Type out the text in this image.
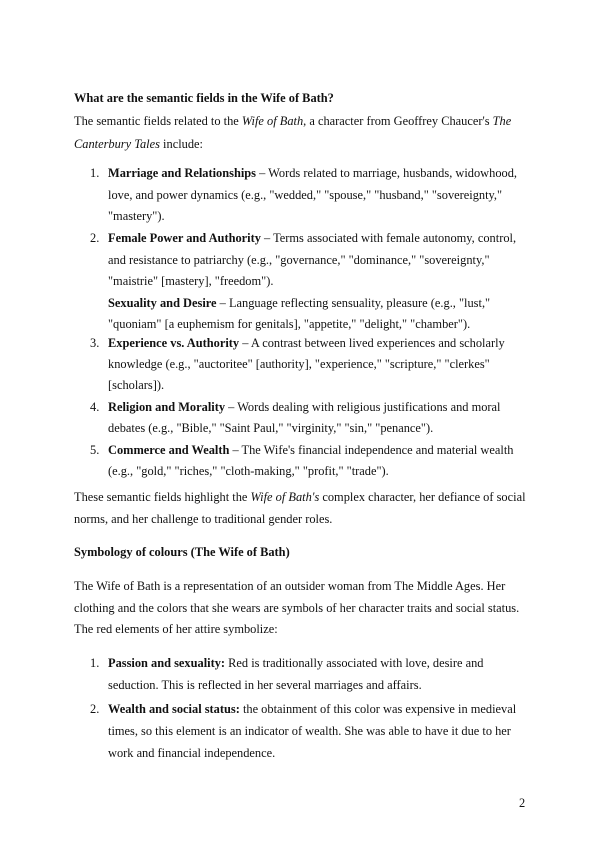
What are the semantic fields in the Wife of Bath?
The semantic fields related to the Wife of Bath, a character from Geoffrey Chaucer's The
Canterbury Tales include:
1. Marriage and Relationships – Words related to marriage, husbands, widowhood,
love, and power dynamics (e.g., "wedded," "spouse," "husband," "sovereignty,"
"mastery").
2. Female Power and Authority – Terms associated with female autonomy, control,
and resistance to patriarchy (e.g., "governance," "dominance," "sovereignty,"
"maistrie" [mastery], "freedom").
Sexuality and Desire – Language reflecting sensuality, pleasure (e.g., "lust,"
"quoniam" [a euphemism for genitals], "appetite," "delight," "chamber").
3. Experience vs. Authority – A contrast between lived experiences and scholarly
knowledge (e.g., "auctoritee" [authority], "experience," "scripture," "clerkes"
[scholars]).
4. Religion and Morality – Words dealing with religious justifications and moral
debates (e.g., "Bible," "Saint Paul," "virginity," "sin," "penance").
5. Commerce and Wealth – The Wife's financial independence and material wealth
(e.g., "gold," "riches," "cloth-making," "profit," "trade").
These semantic fields highlight the Wife of Bath's complex character, her defiance of social
norms, and her challenge to traditional gender roles.
Symbology of colours (The Wife of Bath)
The Wife of Bath is a representation of an outsider woman from The Middle Ages. Her
clothing and the colors that she wears are symbols of her character traits and social status.
The red elements of her attire symbolize:
1. Passion and sexuality: Red is traditionally associated with love, desire and
seduction. This is reflected in her several marriages and affairs.
2. Wealth and social status: the obtainment of this color was expensive in medieval
times, so this element is an indicator of wealth. She was able to have it due to her
work and financial independence.
2
